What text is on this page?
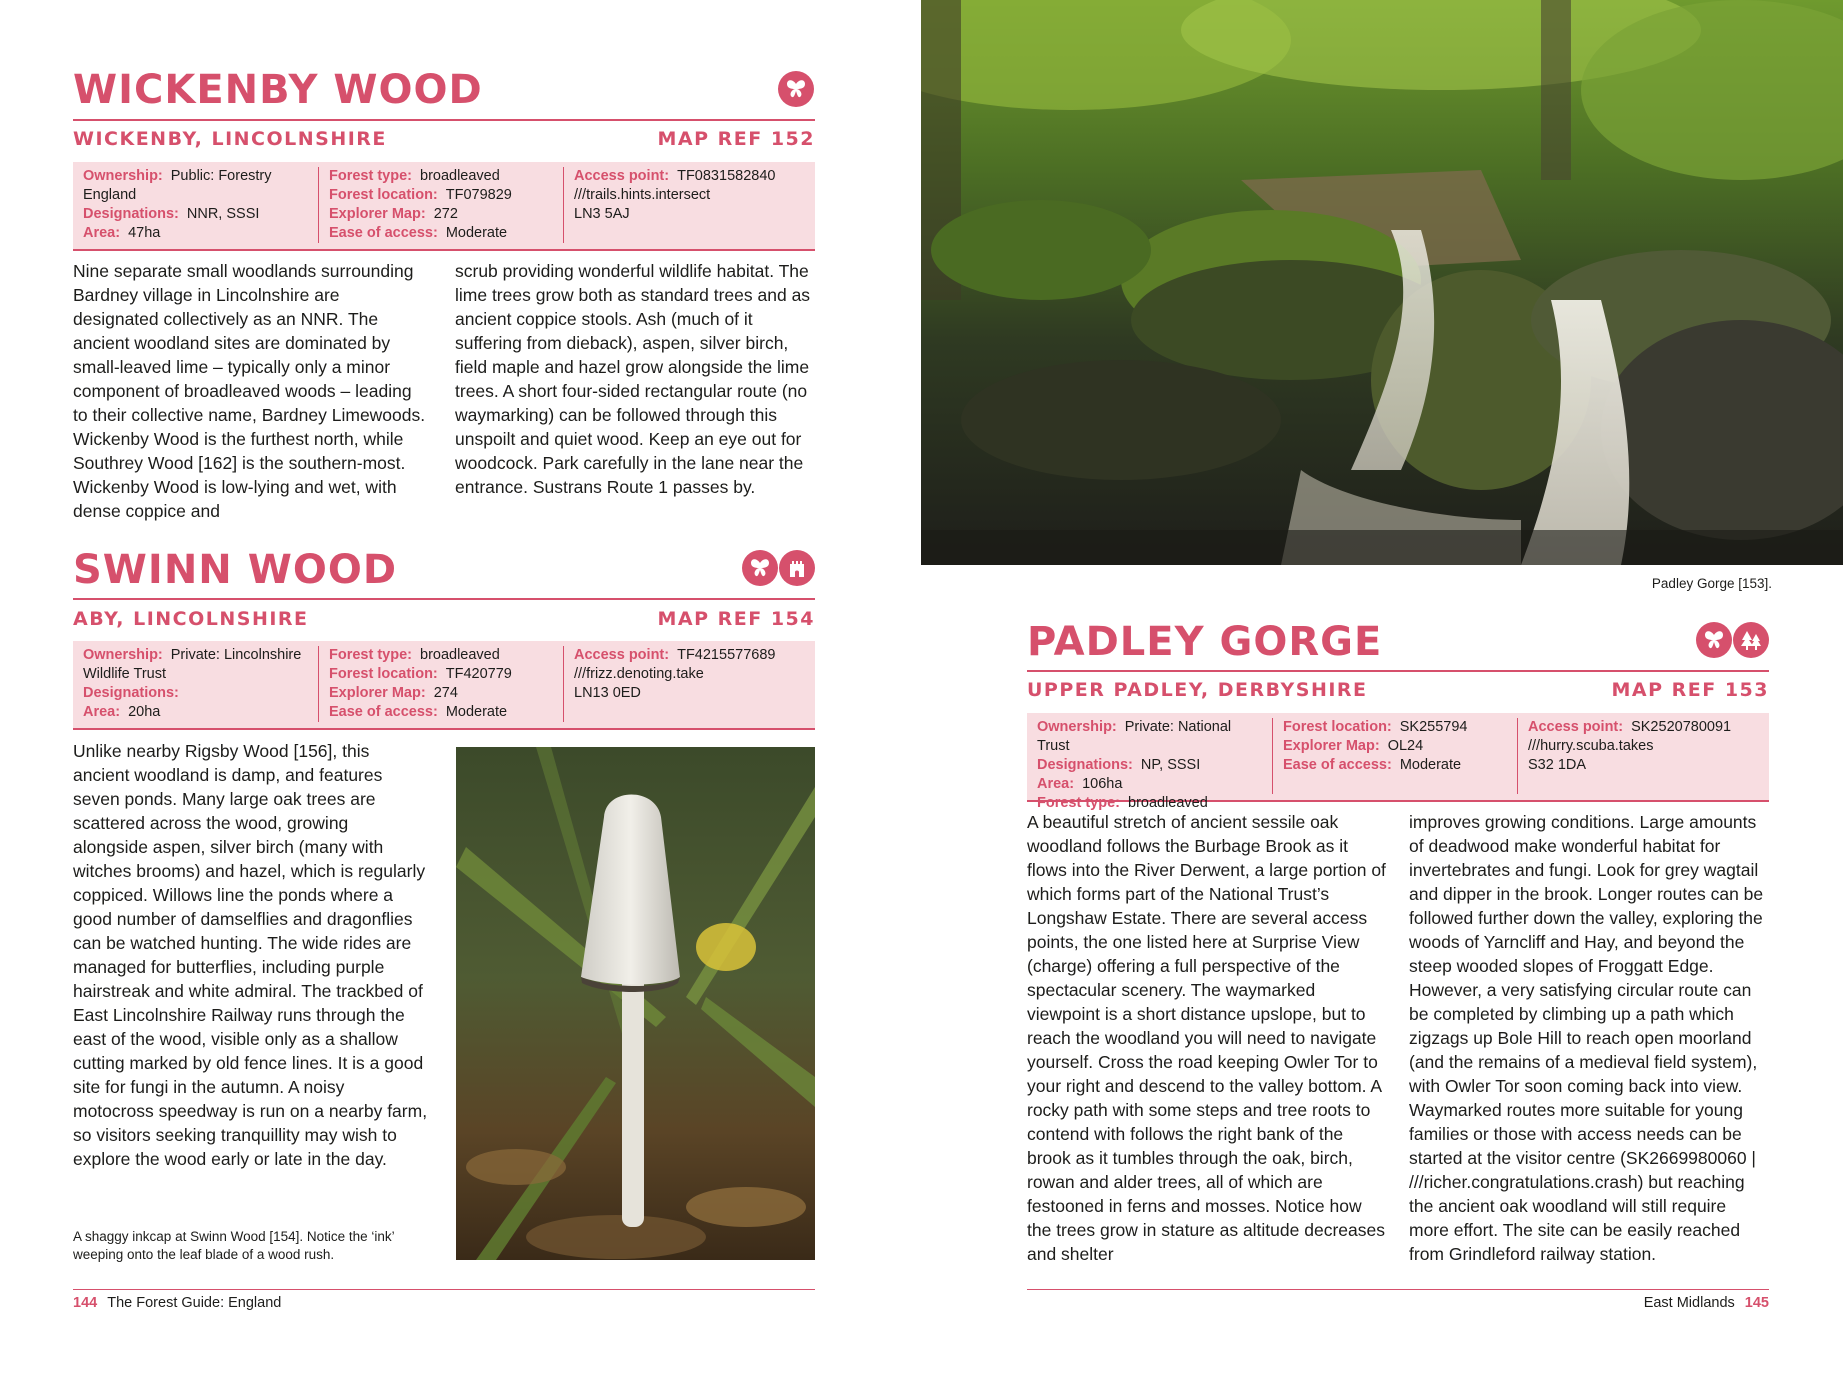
WICKENBY WOOD
WICKENBY, LINCOLNSHIRE	MAP REF 152
Ownership: Public: Forestry England
Designations: NNR, SSSI
Area: 47ha
Forest type: broadleaved
Forest location: TF079829
Explorer Map: 272
Ease of access: Moderate
Access point: TF0831582840
///trails.hints.intersect
LN3 5AJ

Nine separate small woodlands surrounding Bardney village in Lincolnshire are designated collectively as an NNR. The ancient woodland sites are dominated by small-leaved lime – typically only a minor component of broadleaved woods – leading to their collective name, Bardney Limewoods. Wickenby Wood is the furthest north, while Southrey Wood [162] is the southern-most. Wickenby Wood is low-lying and wet, with dense coppice and

scrub providing wonderful wildlife habitat. The lime trees grow both as standard trees and as ancient coppice stools. Ash (much of it suffering from dieback), aspen, silver birch, field maple and hazel grow alongside the lime trees. A short four-sided rectangular route (no waymarking) can be followed through this unspoilt and quiet wood. Keep an eye out for woodcock. Park carefully in the lane near the entrance. Sustrans Route 1 passes by.

SWINN WOOD
ABY, LINCOLNSHIRE	MAP REF 154
Ownership: Private: Lincolnshire Wildlife Trust
Designations:
Area: 20ha
Forest type: broadleaved
Forest location: TF420779
Explorer Map: 274
Ease of access: Moderate
Access point: TF4215577689
///frizz.denoting.take
LN13 0ED

Unlike nearby Rigsby Wood [156], this ancient woodland is damp, and features seven ponds. Many large oak trees are scattered across the wood, growing alongside aspen, silver birch (many with witches brooms) and hazel, which is regularly coppiced. Willows line the ponds where a good number of damselflies and dragonflies can be watched hunting. The wide rides are managed for butterflies, including purple hairstreak and white admiral. The trackbed of East Lincolnshire Railway runs through the east of the wood, visible only as a shallow cutting marked by old fence lines. It is a good site for fungi in the autumn. A noisy motocross speedway is run on a nearby farm, so visitors seeking tranquillity may wish to explore the wood early or late in the day.

A shaggy inkcap at Swinn Wood [154]. Notice the ‘ink’ weeping onto the leaf blade of a wood rush.
144 The Forest Guide: England
Padley Gorge [153].
PADLEY GORGE
UPPER PADLEY, DERBYSHIRE	MAP REF 153
Ownership: Private: National Trust
Designations: NP, SSSI
Area: 106ha
Forest type: broadleaved
Forest location: SK255794
Explorer Map: OL24
Ease of access: Moderate
Access point: SK2520780091
///hurry.scuba.takes
S32 1DA

A beautiful stretch of ancient sessile oak woodland follows the Burbage Brook as it flows into the River Derwent, a large portion of which forms part of the National Trust’s Longshaw Estate. There are several access points, the one listed here at Surprise View (charge) offering a full perspective of the spectacular scenery. The waymarked viewpoint is a short distance upslope, but to reach the woodland you will need to navigate yourself. Cross the road keeping Owler Tor to your right and descend to the valley bottom. A rocky path with some steps and tree roots to contend with follows the right bank of the brook as it tumbles through the oak, birch, rowan and alder trees, all of which are festooned in ferns and mosses. Notice how the trees grow in stature as altitude decreases and shelter

improves growing conditions. Large amounts of deadwood make wonderful habitat for invertebrates and fungi. Look for grey wagtail and dipper in the brook. Longer routes can be followed further down the valley, exploring the woods of Yarncliff and Hay, and beyond the steep wooded slopes of Froggatt Edge. However, a very satisfying circular route can be completed by climbing up a path which zigzags up Bole Hill to reach open moorland (and the remains of a medieval field system), with Owler Tor soon coming back into view. Waymarked routes more suitable for young families or those with access needs can be started at the visitor centre (SK2669980060 | ///richer.congratulations.crash) but reaching the ancient oak woodland will still require more effort. The site can be easily reached from Grindleford railway station.

East Midlands 145
